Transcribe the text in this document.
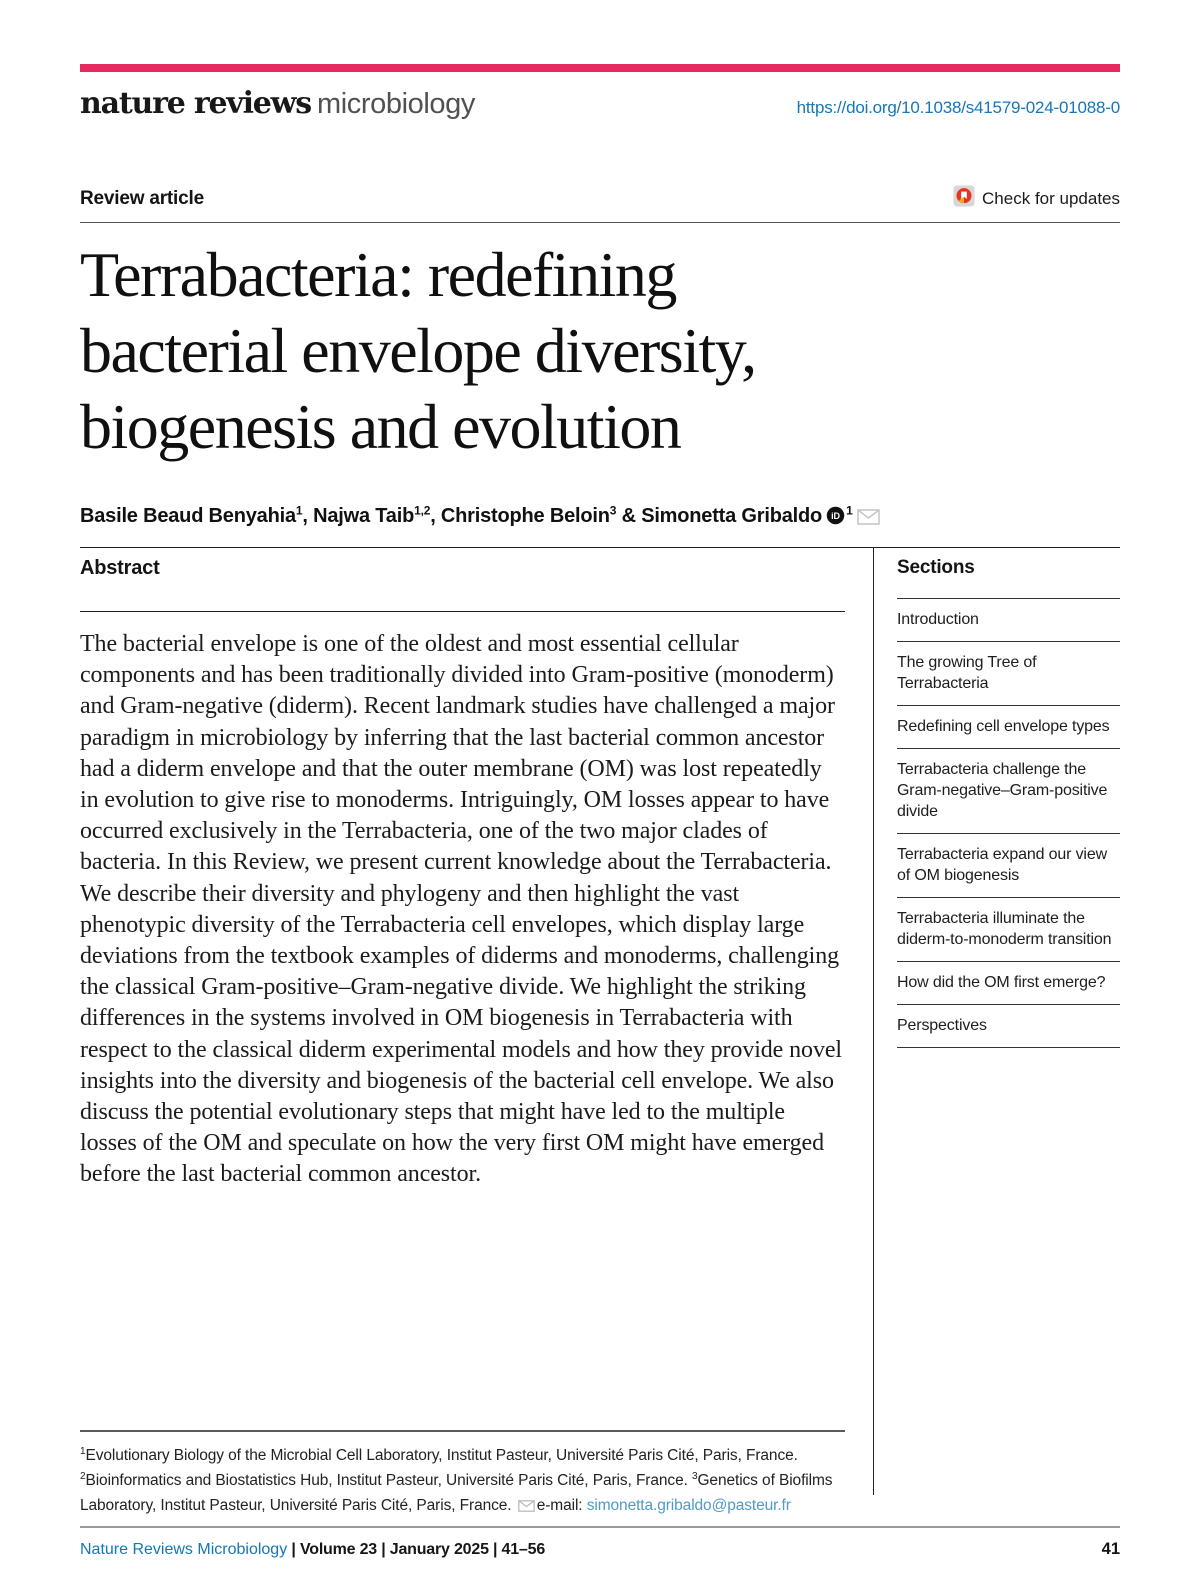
nature reviews microbiology	https://doi.org/10.1038/s41579-024-01088-0
Review article	Check for updates
Terrabacteria: redefining
bacterial envelope diversity,
biogenesis and evolution
Basile Beaud Benyahia$^1$, Najwa Taib$^{1,2}$, Christophe Beloin$^3$ & Simonetta Gribaldo iD $^1$
Abstract
The bacterial envelope is one of the oldest and most essential cellular components and has been traditionally divided into Gram-positive (monoderm) and Gram-negative (diderm). Recent landmark studies have challenged a major paradigm in microbiology by inferring that the last bacterial common ancestor had a diderm envelope and that the outer membrane (OM) was lost repeatedly in evolution to give rise to monoderms. Intriguingly, OM losses appear to have occurred exclusively in the Terrabacteria, one of the two major clades of bacteria. In this Review, we present current knowledge about the Terrabacteria. We describe their diversity and phylogeny and then highlight the vast phenotypic diversity of the Terrabacteria cell envelopes, which display large deviations from the textbook examples of diderms and monoderms, challenging the classical Gram-positive–Gram-negative divide. We highlight the striking differences in the systems involved in OM biogenesis in Terrabacteria with respect to the classical diderm experimental models and how they provide novel insights into the diversity and biogenesis of the bacterial cell envelope. We also discuss the potential evolutionary steps that might have led to the multiple losses of the OM and speculate on how the very first OM might have emerged before the last bacterial common ancestor.
$^1$Evolutionary Biology of the Microbial Cell Laboratory, Institut Pasteur, Université Paris Cité, Paris, France. $^2$Bioinformatics and Biostatistics Hub, Institut Pasteur, Université Paris Cité, Paris, France. $^3$Genetics of Biofilms Laboratory, Institut Pasteur, Université Paris Cité, Paris, France. e-mail: simonetta.gribaldo@pasteur.fr
Sections
Introduction
The growing Tree of Terrabacteria
Redefining cell envelope types
Terrabacteria challenge the Gram-negative–Gram-positive divide
Terrabacteria expand our view of OM biogenesis
Terrabacteria illuminate the diderm-to-monoderm transition
How did the OM first emerge?
Perspectives
Nature Reviews Microbiology | Volume 23 | January 2025 | 41–56	41
